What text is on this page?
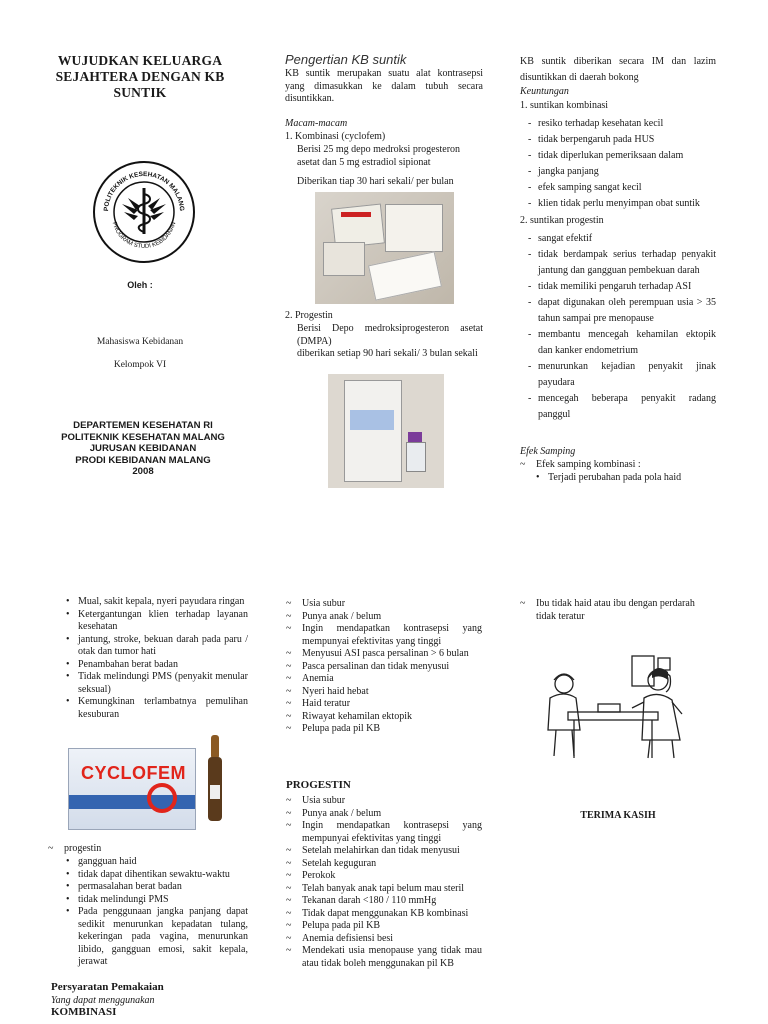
WUJUDKAN KELUARGA
SEJAHTERA DENGAN KB
SUNTIK
POLITEKNIK KESEHATAN MALANG
PROGRAM STUDI KEBIDANAN
Oleh :
Mahasiswa Kebidanan
Kelompok VI
DEPARTEMEN KESEHATAN RI
POLITEKNIK KESEHATAN MALANG
JURUSAN KEBIDANAN
PRODI KEBIDANAN MALANG
2008
Pengertian KB suntik
KB suntik merupakan suatu alat kontrasepsi yang dimasukkan ke dalam tubuh secara disuntikkan.
Macam-macam
1. Kombinasi (cyclofem)
Berisi 25 mg depo medroksi progesteron asetat dan 5 mg estradiol sipionat
Diberikan tiap 30 hari sekali/ per bulan
2. Progestin
Berisi Depo medroksiprogesteron asetat (DMPA)
diberikan setiap 90 hari sekali/ 3 bulan sekali
KB suntik diberikan secara IM dan lazim disuntikkan di daerah bokong
Keuntungan
1. suntikan kombinasi
- resiko terhadap kesehatan kecil
- tidak berpengaruh pada HUS
- tidak diperlukan pemeriksaan dalam
- jangka panjang
- efek samping sangat kecil
- klien tidak perlu menyimpan obat suntik
2. suntikan progestin
- sangat efektif
- tidak berdampak serius terhadap penyakit jantung dan gangguan pembekuan darah
- tidak memiliki pengaruh terhadap ASI
- dapat digunakan oleh perempuan usia > 35 tahun sampai pre menopause
- membantu mencegah kehamilan ektopik dan kanker endometrium
- menurunkan kejadian penyakit jinak payudara
- mencegah beberapa penyakit radang panggul
Efek Samping
~ Efek samping kombinasi :
• Terjadi perubahan pada pola haid
• Mual, sakit kepala, nyeri payudara ringan
• Ketergantungan klien terhadap layanan kesehatan
• jantung, stroke, bekuan darah pada paru / otak dan tumor hati
• Penambahan berat badan
• Tidak melindungi PMS (penyakit menular seksual)
• Kemungkinan terlambatnya pemulihan kesuburan
CYCLOFEM
~ progestin
• gangguan haid
• tidak dapat dihentikan sewaktu-waktu
• permasalahan berat badan
• tidak melindungi PMS
• Pada penggunaan jangka panjang dapat sedikit menurunkan kepadatan tulang, kekeringan pada vagina, menurunkan libido, gangguan emosi, sakit kepala, jerawat
Persyaratan Pemakaian
Yang dapat menggunakan
KOMBINASI
~ Usia subur
~ Punya anak / belum
~ Ingin mendapatkan kontrasepsi yang mempunyai efektivitas yang tinggi
~ Menyusui ASI pasca persalinan > 6 bulan
~ Pasca persalinan dan tidak menyusui
~ Anemia
~ Nyeri haid hebat
~ Haid teratur
~ Riwayat kehamilan ektopik
~ Pelupa pada pil KB
PROGESTIN
~ Usia subur
~ Punya anak / belum
~ Ingin mendapatkan kontrasepsi yang mempunyai efektivitas yang tinggi
~ Setelah melahirkan dan tidak menyusui
~ Setelah keguguran
~ Perokok
~ Telah banyak anak tapi belum mau steril
~ Tekanan darah <180 / 110 mmHg
~ Tidak dapat menggunakan KB kombinasi
~ Pelupa pada pil KB
~ Anemia defisiensi besi
~ Mendekati usia menopause yang tidak mau atau tidak boleh menggunakan pil KB
~ Ibu tidak haid atau ibu dengan perdarah tidak teratur
TERIMA KASIH
